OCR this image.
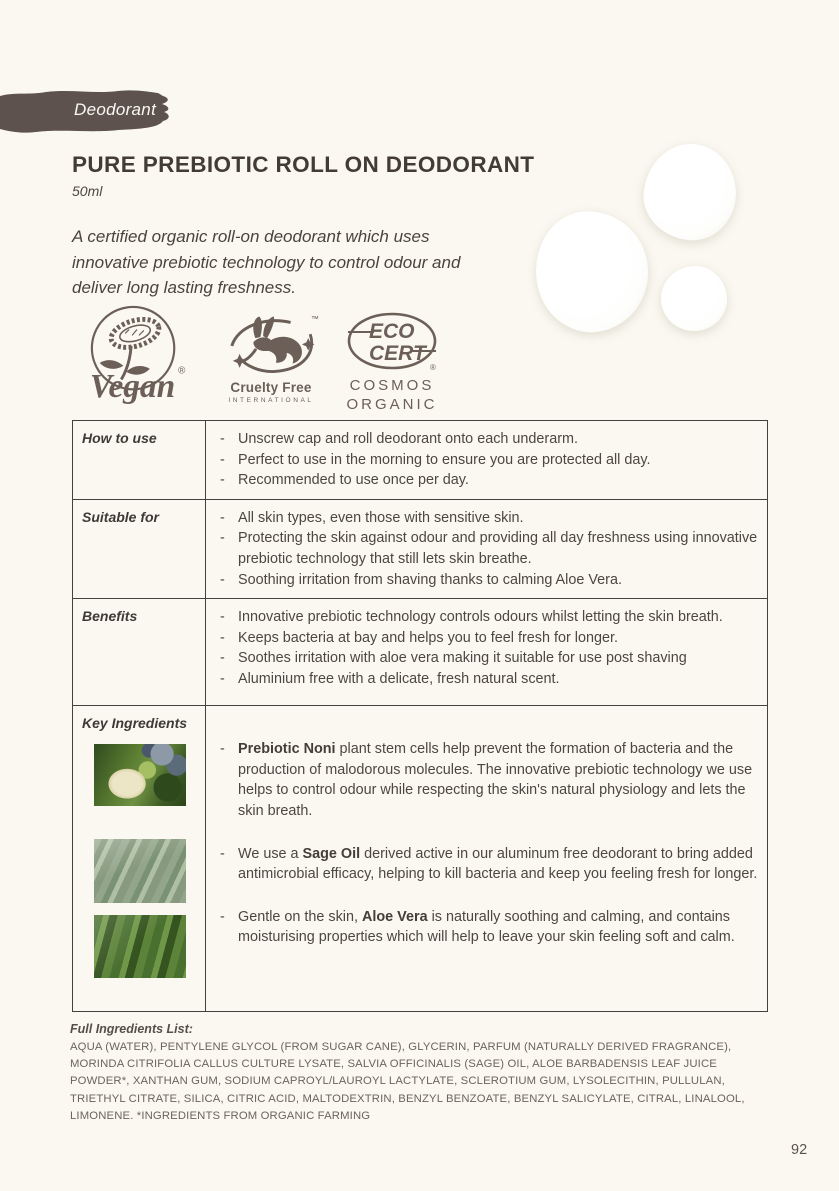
Deodorant
PURE PREBIOTIC ROLL ON DEODORANT
50ml

A certified organic roll-on deodorant which uses innovative prebiotic technology to control odour and deliver long lasting freshness.

Vegan ®
™
Cruelty Free
INTERNATIONAL
ECO
CERT
®
COSMOS
ORGANIC
How to use

-Unscrew cap and roll deodorant onto each underarm.
- Perfect to use in the morning to ensure you are protected all day.
- Recommended to use once per day.

Suitable for

-All skin types, even those with sensitive skin.
- Protecting the skin against odour and providing all day freshness using innovative prebiotic technology that still lets skin breathe.
- Soothing irritation from shaving thanks to calming Aloe Vera.

Benefits

-Innovative prebiotic technology controls odours whilst letting the skin breath.
- Keeps bacteria at bay and helps you to feel fresh for longer.
- Soothes irritation with aloe vera making it suitable for use post shaving
- Aluminium free with a delicate, fresh natural scent.

Key Ingredients

- Prebiotic Noni plant stem cells help prevent the formation of bacteria and the production of malodorous molecules. The innovative prebiotic technology we use helps to control odour while respecting the skin's natural physiology and lets the skin breath.
- We use a Sage Oil derived active in our aluminum free deodorant to bring added antimicrobial efficacy, helping to kill bacteria and keep you feeling fresh for longer.
- Gentle on the skin, Aloe Vera is naturally soothing and calming, and contains moisturising properties which will help to leave your skin feeling soft and calm.
Full Ingredients List:
AQUA (WATER), PENTYLENE GLYCOL (FROM SUGAR CANE), GLYCERIN, PARFUM (NATURALLY DERIVED FRAGRANCE), MORINDA CITRIFOLIA CALLUS CULTURE LYSATE, SALVIA OFFICINALIS (SAGE) OIL, ALOE BARBADENSIS LEAF JUICE POWDER*, XANTHAN GUM, SODIUM CAPROYL/LAUROYL LACTYLATE, SCLEROTIUM GUM, LYSOLECITHIN, PULLULAN, TRIETHYL CITRATE, SILICA, CITRIC ACID, MALTODEXTRIN, BENZYL BENZOATE, BENZYL SALICYLATE, CITRAL, LINALOOL, LIMONENE. *INGREDIENTS FROM ORGANIC FARMING
92
